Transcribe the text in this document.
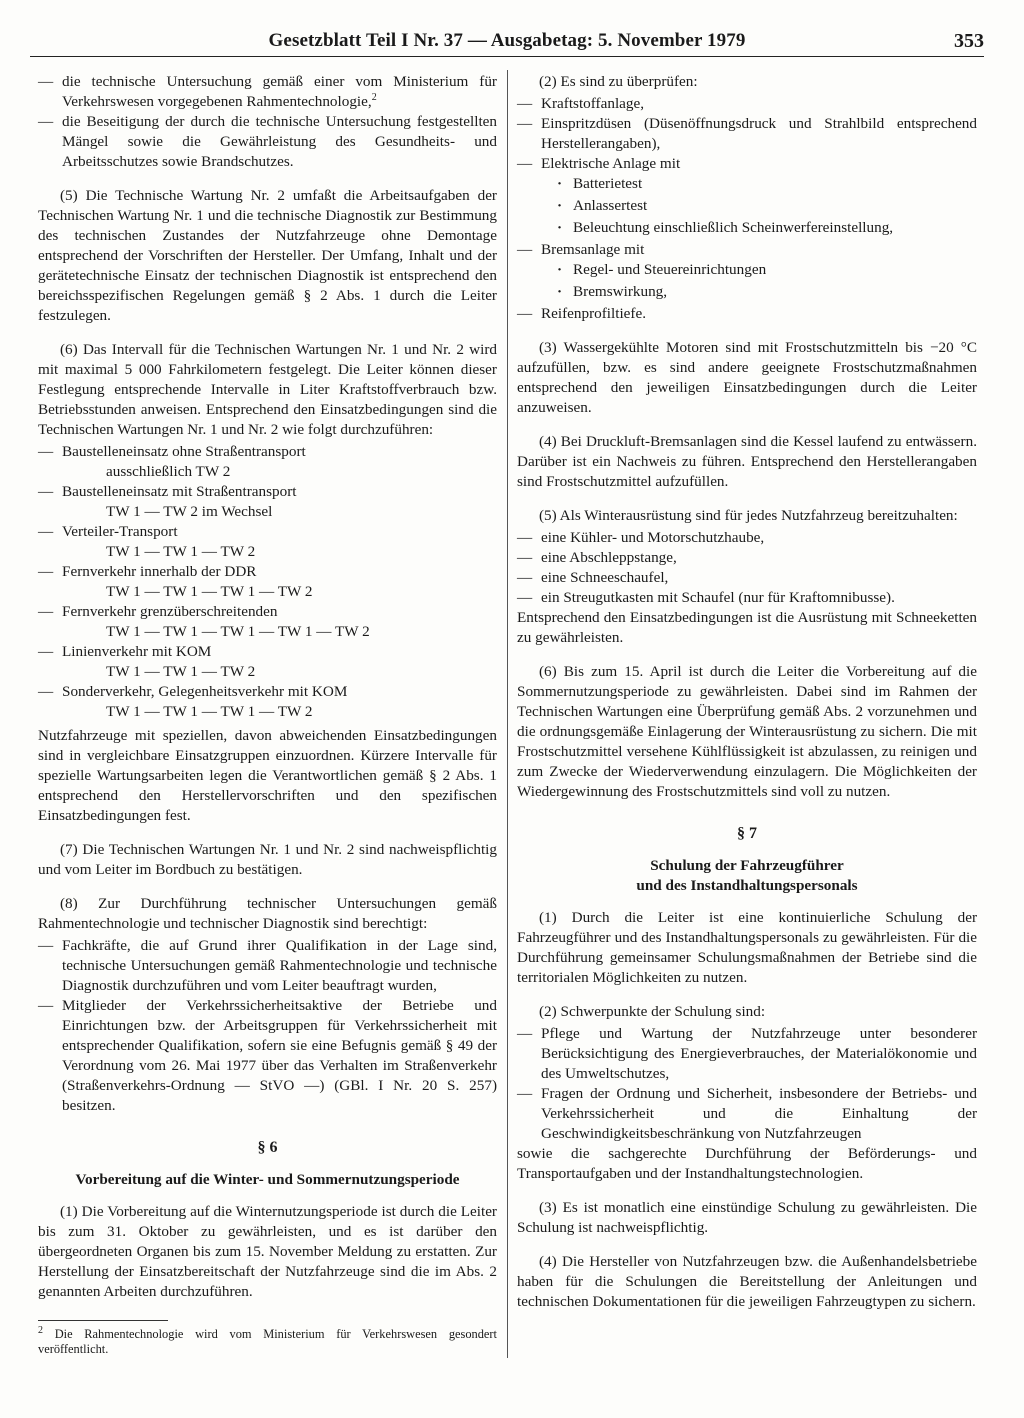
Gesetzblatt Teil I Nr. 37 — Ausgabetag: 5. November 1979	353

— die technische Untersuchung gemäß einer vom Ministerium für Verkehrswesen vorgegebenen Rahmentechnologie,$^2$

— die Beseitigung der durch die technische Untersuchung festgestellten Mängel sowie die Gewährleistung des Gesundheits- und Arbeitsschutzes sowie Brandschutzes.

(5) Die Technische Wartung Nr. 2 umfaßt die Arbeitsaufgaben der Technischen Wartung Nr. 1 und die technische Diagnostik zur Bestimmung des technischen Zustandes der Nutzfahrzeuge ohne Demontage entsprechend der Vorschriften der Hersteller. Der Umfang, Inhalt und der gerätetechnische Einsatz der technischen Diagnostik ist entsprechend den bereichsspezifischen Regelungen gemäß § 2 Abs. 1 durch die Leiter festzulegen.

(6) Das Intervall für die Technischen Wartungen Nr. 1 und Nr. 2 wird mit maximal 5 000 Fahrkilometern festgelegt. Die Leiter können dieser Festlegung entsprechende Intervalle in Liter Kraftstoffverbrauch bzw. Betriebsstunden anweisen. Entsprechend den Einsatzbedingungen sind die Technischen Wartungen Nr. 1 und Nr. 2 wie folgt durchzuführen:

— Baustelleneinsatz ohne Straßentransport

ausschließlich TW 2

— Baustelleneinsatz mit Straßentransport

TW 1 — TW 2 im Wechsel

— Verteiler-Transport

TW 1 — TW 1 — TW 2

— Fernverkehr innerhalb der DDR

TW 1 — TW 1 — TW 1 — TW 2

— Fernverkehr grenzüberschreitenden

TW 1 — TW 1 — TW 1 — TW 1 — TW 2

— Linienverkehr mit KOM

TW 1 — TW 1 — TW 2

— Sonderverkehr, Gelegenheitsverkehr mit KOM

TW 1 — TW 1 — TW 1 — TW 2

Nutzfahrzeuge mit speziellen, davon abweichenden Einsatzbedingungen sind in vergleichbare Einsatzgruppen einzuordnen. Kürzere Intervalle für spezielle Wartungsarbeiten legen die Verantwortlichen gemäß § 2 Abs. 1 entsprechend den Herstellervorschriften und den spezifischen Einsatzbedingungen fest.

(7) Die Technischen Wartungen Nr. 1 und Nr. 2 sind nachweispflichtig und vom Leiter im Bordbuch zu bestätigen.

(8) Zur Durchführung technischer Untersuchungen gemäß Rahmentechnologie und technischer Diagnostik sind berechtigt:

— Fachkräfte, die auf Grund ihrer Qualifikation in der Lage sind, technische Untersuchungen gemäß Rahmentechnologie und technische Diagnostik durchzuführen und vom Leiter beauftragt wurden,

— Mitglieder der Verkehrssicherheitsaktive der Betriebe und Einrichtungen bzw. der Arbeitsgruppen für Verkehrssicherheit mit entsprechender Qualifikation, sofern sie eine Befugnis gemäß § 49 der Verordnung vom 26. Mai 1977 über das Verhalten im Straßenverkehr (Straßenverkehrs-Ordnung — StVO —) (GBl. I Nr. 20 S. 257) besitzen.

§ 6
Vorbereitung auf die Winter- und Sommernutzungsperiode

(1) Die Vorbereitung auf die Winternutzungsperiode ist durch die Leiter bis zum 31. Oktober zu gewährleisten, und es ist darüber den übergeordneten Organen bis zum 15. November Meldung zu erstatten. Zur Herstellung der Einsatzbereitschaft der Nutzfahrzeuge sind die im Abs. 2 genannten Arbeiten durchzuführen.

$^2$ Die Rahmentechnologie wird vom Ministerium für Verkehrswesen gesondert veröffentlicht.

(2) Es sind zu überprüfen:

— Kraftstoffanlage,

— Einspritzdüsen (Düsenöffnungsdruck und Strahlbild entsprechend Herstellerangaben),

— Elektrische Anlage mit

· Batterietest

· Anlassertest

· Beleuchtung einschließlich Scheinwerfereinstellung,

— Bremsanlage mit

· Regel- und Steuereinrichtungen

· Bremswirkung,

— Reifenprofiltiefe.

(3) Wassergekühlte Motoren sind mit Frostschutzmitteln bis −20 °C aufzufüllen, bzw. es sind andere geeignete Frostschutzmaßnahmen entsprechend den jeweiligen Einsatzbedingungen durch die Leiter anzuweisen.

(4) Bei Druckluft-Bremsanlagen sind die Kessel laufend zu entwässern. Darüber ist ein Nachweis zu führen. Entsprechend den Herstellerangaben sind Frostschutzmittel aufzufüllen.

(5) Als Winterausrüstung sind für jedes Nutzfahrzeug bereitzuhalten:

— eine Kühler- und Motorschutzhaube,

— eine Abschleppstange,

— eine Schneeschaufel,

— ein Streugutkasten mit Schaufel (nur für Kraftomnibusse).

Entsprechend den Einsatzbedingungen ist die Ausrüstung mit Schneeketten zu gewährleisten.

(6) Bis zum 15. April ist durch die Leiter die Vorbereitung auf die Sommernutzungsperiode zu gewährleisten. Dabei sind im Rahmen der Technischen Wartungen eine Überprüfung gemäß Abs. 2 vorzunehmen und die ordnungsgemäße Einlagerung der Winterausrüstung zu sichern. Die mit Frostschutzmittel versehene Kühlflüssigkeit ist abzulassen, zu reinigen und zum Zwecke der Wiederverwendung einzulagern. Die Möglichkeiten der Wiedergewinnung des Frostschutzmittels sind voll zu nutzen.

§ 7
Schulung der Fahrzeugführer
und des Instandhaltungspersonals

(1) Durch die Leiter ist eine kontinuierliche Schulung der Fahrzeugführer und des Instandhaltungspersonals zu gewährleisten. Für die Durchführung gemeinsamer Schulungsmaßnahmen der Betriebe sind die territorialen Möglichkeiten zu nutzen.

(2) Schwerpunkte der Schulung sind:

— Pflege und Wartung der Nutzfahrzeuge unter besonderer Berücksichtigung des Energieverbrauches, der Materialökonomie und des Umweltschutzes,

— Fragen der Ordnung und Sicherheit, insbesondere der Betriebs- und Verkehrssicherheit und die Einhaltung der Geschwindigkeitsbeschränkung von Nutzfahrzeugen

sowie die sachgerechte Durchführung der Beförderungs- und Transportaufgaben und der Instandhaltungstechnologien.

(3) Es ist monatlich eine einstündige Schulung zu gewährleisten. Die Schulung ist nachweispflichtig.

(4) Die Hersteller von Nutzfahrzeugen bzw. die Außenhandelsbetriebe haben für die Schulungen die Bereitstellung der Anleitungen und technischen Dokumentationen für die jeweiligen Fahrzeugtypen zu sichern.
